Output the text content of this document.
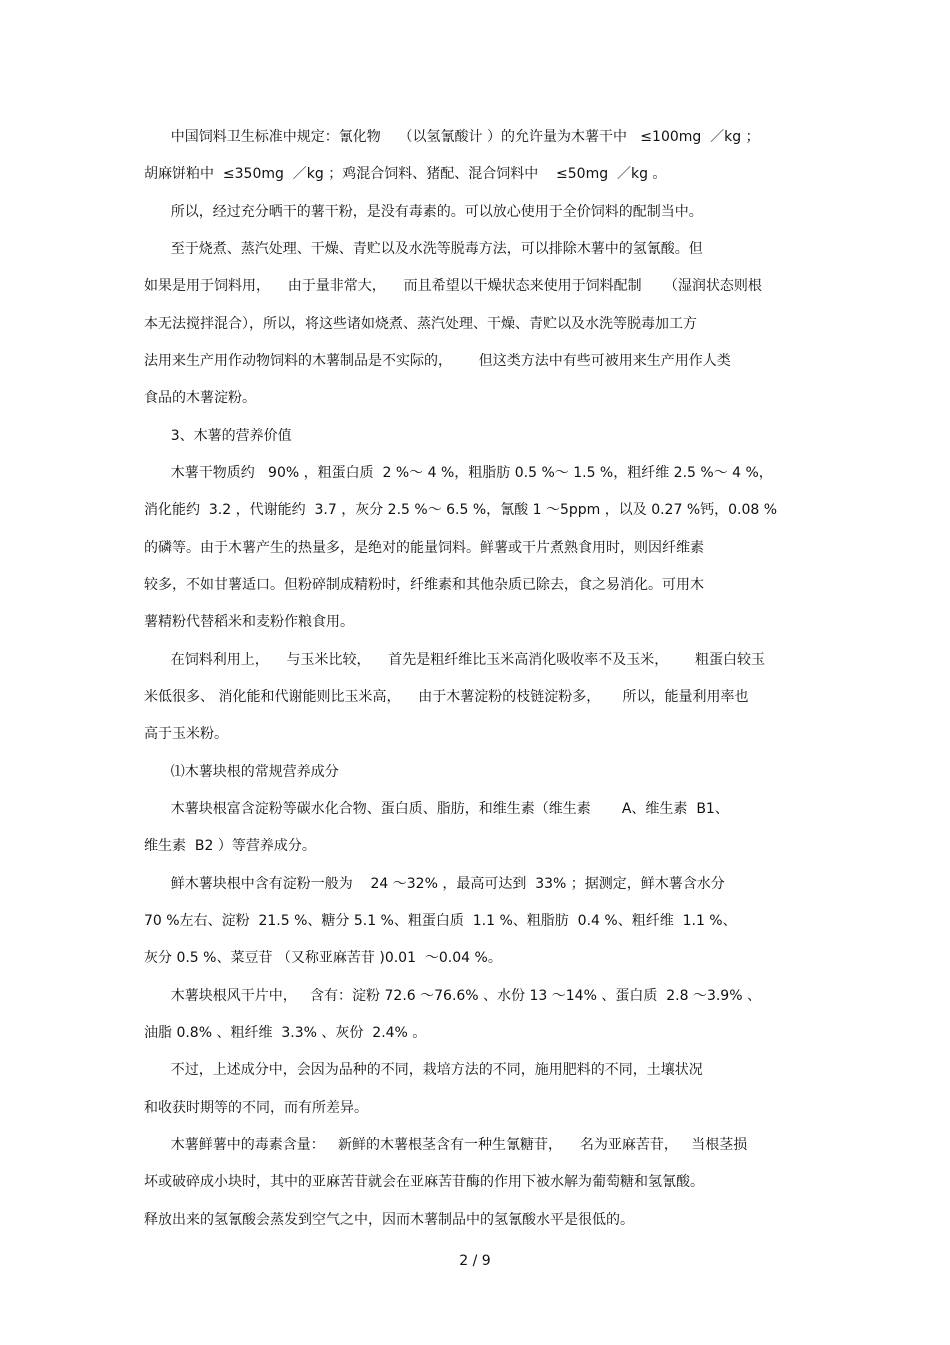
中国饲料卫生标准中规定：氰化物    （以氢氰酸计 ）的允许量为木薯干中   ≤100mg  ／kg ；
胡麻饼粕中  ≤350mg  ／kg ；鸡混合饲料、猪配、混合饲料中    ≤50mg  ／kg 。
所以，经过充分晒干的薯干粉，是没有毒素的。可以放心使用于全价饲料的配制当中。
至于烧煮、蒸汽处理、干燥、青贮以及水洗等脱毒方法，可以排除木薯中的氢氰酸。但
如果是用于饲料用，    由于量非常大，    而且希望以干燥状态来使用于饲料配制     （湿润状态则根
本无法搅拌混合），所以，将这些诸如烧煮、蒸汽处理、干燥、青贮以及水洗等脱毒加工方
法用来生产用作动物饲料的木薯制品是不实际的，      但这类方法中有些可被用来生产用作人类
食品的木薯淀粉。
3、木薯的营养价值
木薯干物质约   90% ，粗蛋白质  2 %～ 4 %，粗脂肪 0.5 %～ 1.5 %，粗纤维 2.5 %～ 4 %，
消化能约  3.2 ，代谢能约  3.7 ，灰分 2.5 %～ 6.5 %，氰酸 1 ～5ppm ，以及 0.27 %钙，0.08 %
的磷等。由于木薯产生的热量多，是绝对的能量饲料。鲜薯或干片煮熟食用时，则因纤维素
较多，不如甘薯适口。但粉碎制成精粉时，纤维素和其他杂质已除去，食之易消化。可用木
薯精粉代替稻米和麦粉作粮食用。
在饲料利用上，    与玉米比较，    首先是粗纤维比玉米高消化吸收率不及玉米，      粗蛋白较玉
米低很多、 消化能和代谢能则比玉米高，    由于木薯淀粉的枝链淀粉多，     所以，能量利用率也
高于玉米粉。
⑴木薯块根的常规营养成分
木薯块根富含淀粉等碳水化合物、蛋白质、脂肪，和维生素（维生素       A、维生素  B1、
维生素  B2 ）等营养成分。
鲜木薯块根中含有淀粉一般为    24 ～32% ，最高可达到  33% ；据测定，鲜木薯含水分
70 %左右、淀粉  21.5 %、糖分 5.1 %、粗蛋白质  1.1 %、粗脂肪  0.4 %、粗纤维  1.1 %、
灰分 0.5 %、菜豆苷 （又称亚麻苦苷 )0.01  ～0.04 %。
木薯块根风干片中，   含有：淀粉 72.6 ～76.6% 、水份 13 ～14% 、蛋白质  2.8 ～3.9% 、
油脂 0.8% 、粗纤维  3.3% 、灰份  2.4% 。
不过，上述成分中，会因为品种的不同，栽培方法的不同，施用肥料的不同，土壤状况
和收获时期等的不同，而有所差异。
木薯鲜薯中的毒素含量：   新鲜的木薯根茎含有一种生氰糖苷，    名为亚麻苦苷，   当根茎损
坏或破碎成小块时，其中的亚麻苦苷就会在亚麻苦苷酶的作用下被水解为葡萄糖和氢氰酸。
释放出来的氢氰酸会蒸发到空气之中，因而木薯制品中的氢氰酸水平是很低的。
2 / 9
